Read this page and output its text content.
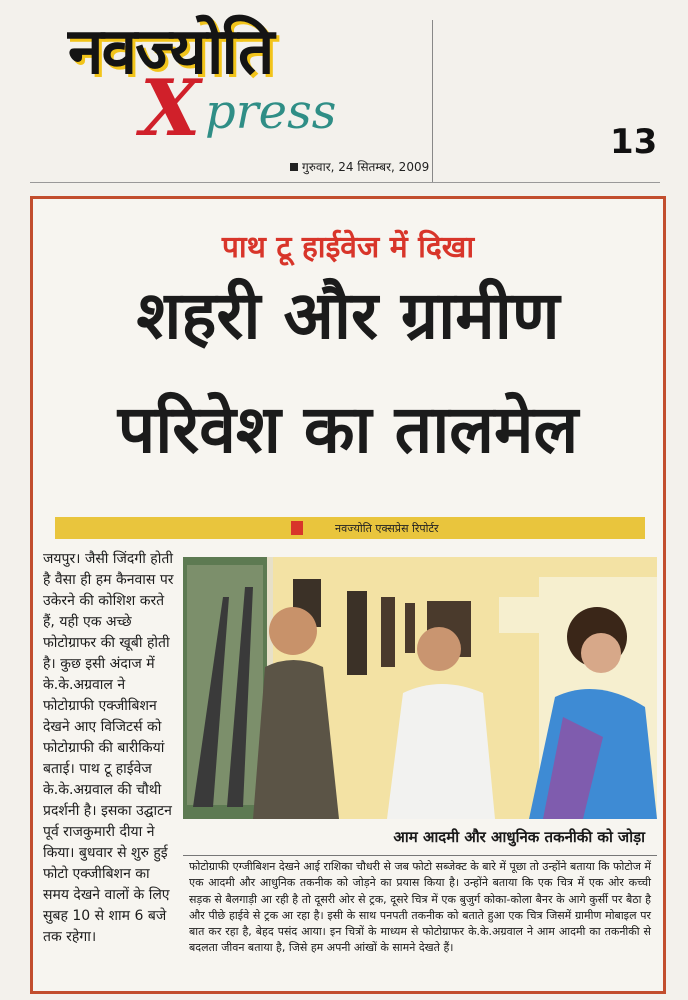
नवज्योति
X press
गुरुवार, 24 सितम्बर, 2009
13
पाथ टू हाईवेज में दिखा
शहरी और ग्रामीण
परिवेश का तालमेल
नवज्योति एक्सप्रेस रिपोर्टर
जयपुर। जैसी जिंदगी होती है वैसा ही हम कैनवास पर उकेरने की कोशिश करते हैं, यही एक अच्छे फोटोग्राफर की खूबी होती है। कुछ इसी अंदाज में के.के.अग्रवाल ने फोटोग्राफी एक्जीबिशन देखने आए विजिटर्स को फोटोग्राफी की बारीकियां बताई। पाथ टू हाईवेज के.के.अग्रवाल की चौथी प्रदर्शनी है। इसका उद्घाटन पूर्व राजकुमारी दीया ने किया। बुधवार से शुरु हुई फोटो एक्जीबिशन का समय देखने वालों के लिए सुबह 10 से शाम 6 बजे तक रहेगा।
आम आदमी और आधुनिक तकनीकी को जोड़ा
फोटोग्राफी एग्जीबिशन देखने आई राशिका चौधरी से जब फोटो सब्जेक्ट के बारे में पूछा तो उन्होंने बताया कि फोटोज में एक आदमी और आधुनिक तकनीक को जोड़ने का प्रयास किया है। उन्होंने बताया कि एक चित्र में एक ओर कच्ची सड़क से बैलगाड़ी आ रही है तो दूसरी ओर से ट्रक, दूसरे चित्र में एक बुजुर्ग कोका-कोला बैनर के आगे कुर्सी पर बैठा है और पीछे हाईवे से ट्रक आ रहा है। इसी के साथ पनपती तकनीक को बताते हुआ एक चित्र जिसमें ग्रामीण मोबाइल पर बात कर रहा है, बेहद पसंद आया। इन चित्रों के माध्यम से फोटोग्राफर के.के.अग्रवाल ने आम आदमी का तकनीकी से बदलता जीवन बताया है, जिसे हम अपनी आंखों के सामने देखते हैं।
